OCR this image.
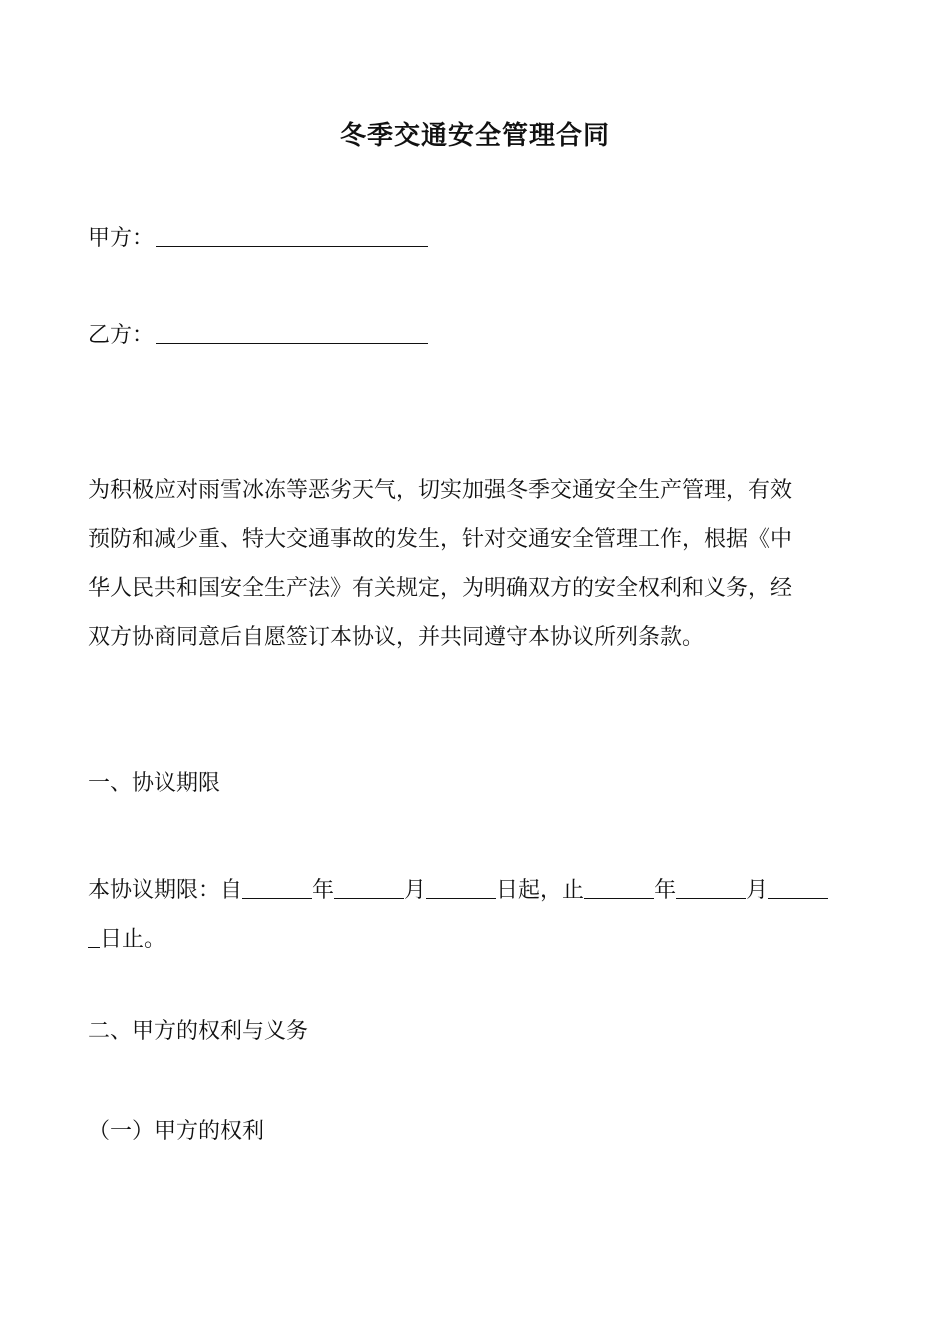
冬季交通安全管理合同
甲方：
乙方：
为积极应对雨雪冰冻等恶劣天气，切实加强冬季交通安全生产管理，有效
预防和减少重、特大交通事故的发生，针对交通安全管理工作，根据《中
华人民共和国安全生产法》有关规定，为明确双方的安全权利和义务，经
双方协商同意后自愿签订本协议，并共同遵守本协议所列条款。
一、协议期限
本协议期限：自	年	月	日起，止	年	月
日止。
二、甲方的权利与义务
（一）甲方的权利
